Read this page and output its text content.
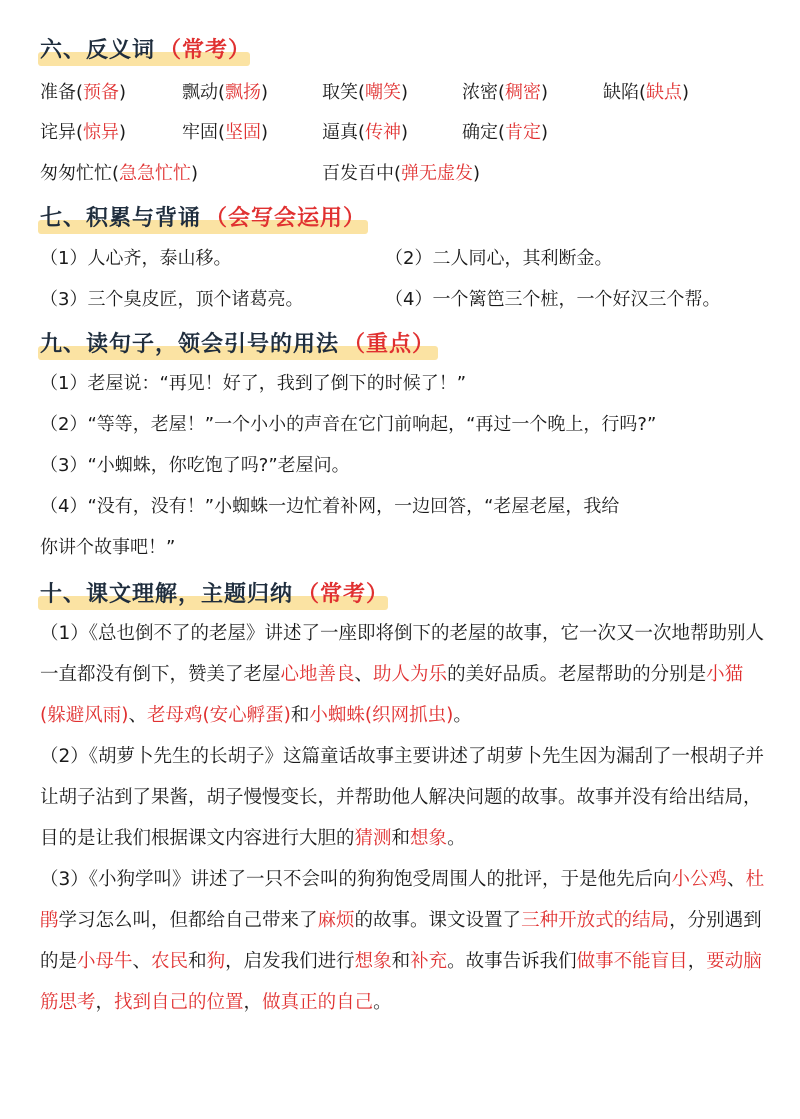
六、反义词 （常考）
准备(预备)	飘动(飘扬)	取笑(嘲笑)	浓密(稠密)	缺陷(缺点)
诧异(惊异)	牢固(坚固)	逼真(传神)	确定(肯定)
匆匆忙忙(急急忙忙)	百发百中(弹无虚发)
七、积累与背诵 （会写会运用）
（1）人心齐，泰山移。	（2）二人同心，其利断金。
（3）三个臭皮匠，顶个诸葛亮。	（4）一个篱笆三个桩，一个好汉三个帮。
九、读句子，领会引号的用法 （重点）
（1）老屋说：“再见！好了，我到了倒下的时候了！”
（2）“等等，老屋！”一个小小的声音在它门前响起，“再过一个晚上，行吗?”
（3）“小蜘蛛，你吃饱了吗?”老屋问。
（4）“没有，没有！”小蜘蛛一边忙着补网，一边回答，“老屋老屋，我给
你讲个故事吧！”
十、课文理解，主题归纳 （常考）
（1）《总也倒不了的老屋》讲述了一座即将倒下的老屋的故事，它一次又一次地帮助别人一直都没有倒下，赞美了老屋心地善良、助人为乐的美好品质。老屋帮助的分别是小猫(躲避风雨)、老母鸡(安心孵蛋)和小蜘蛛(织网抓虫)。
（2）《胡萝卜先生的长胡子》这篇童话故事主要讲述了胡萝卜先生因为漏刮了一根胡子并让胡子沾到了果酱，胡子慢慢变长，并帮助他人解决问题的故事。故事并没有给出结局，目的是让我们根据课文内容进行大胆的猜测和想象。
（3）《小狗学叫》讲述了一只不会叫的狗狗饱受周围人的批评，于是他先后向小公鸡、杜鹃学习怎么叫，但都给自己带来了麻烦的故事。课文设置了三种开放式的结局，分别遇到的是小母牛、农民和狗，启发我们进行想象和补充。故事告诉我们做事不能盲目，要动脑筋思考，找到自己的位置，做真正的自己。
